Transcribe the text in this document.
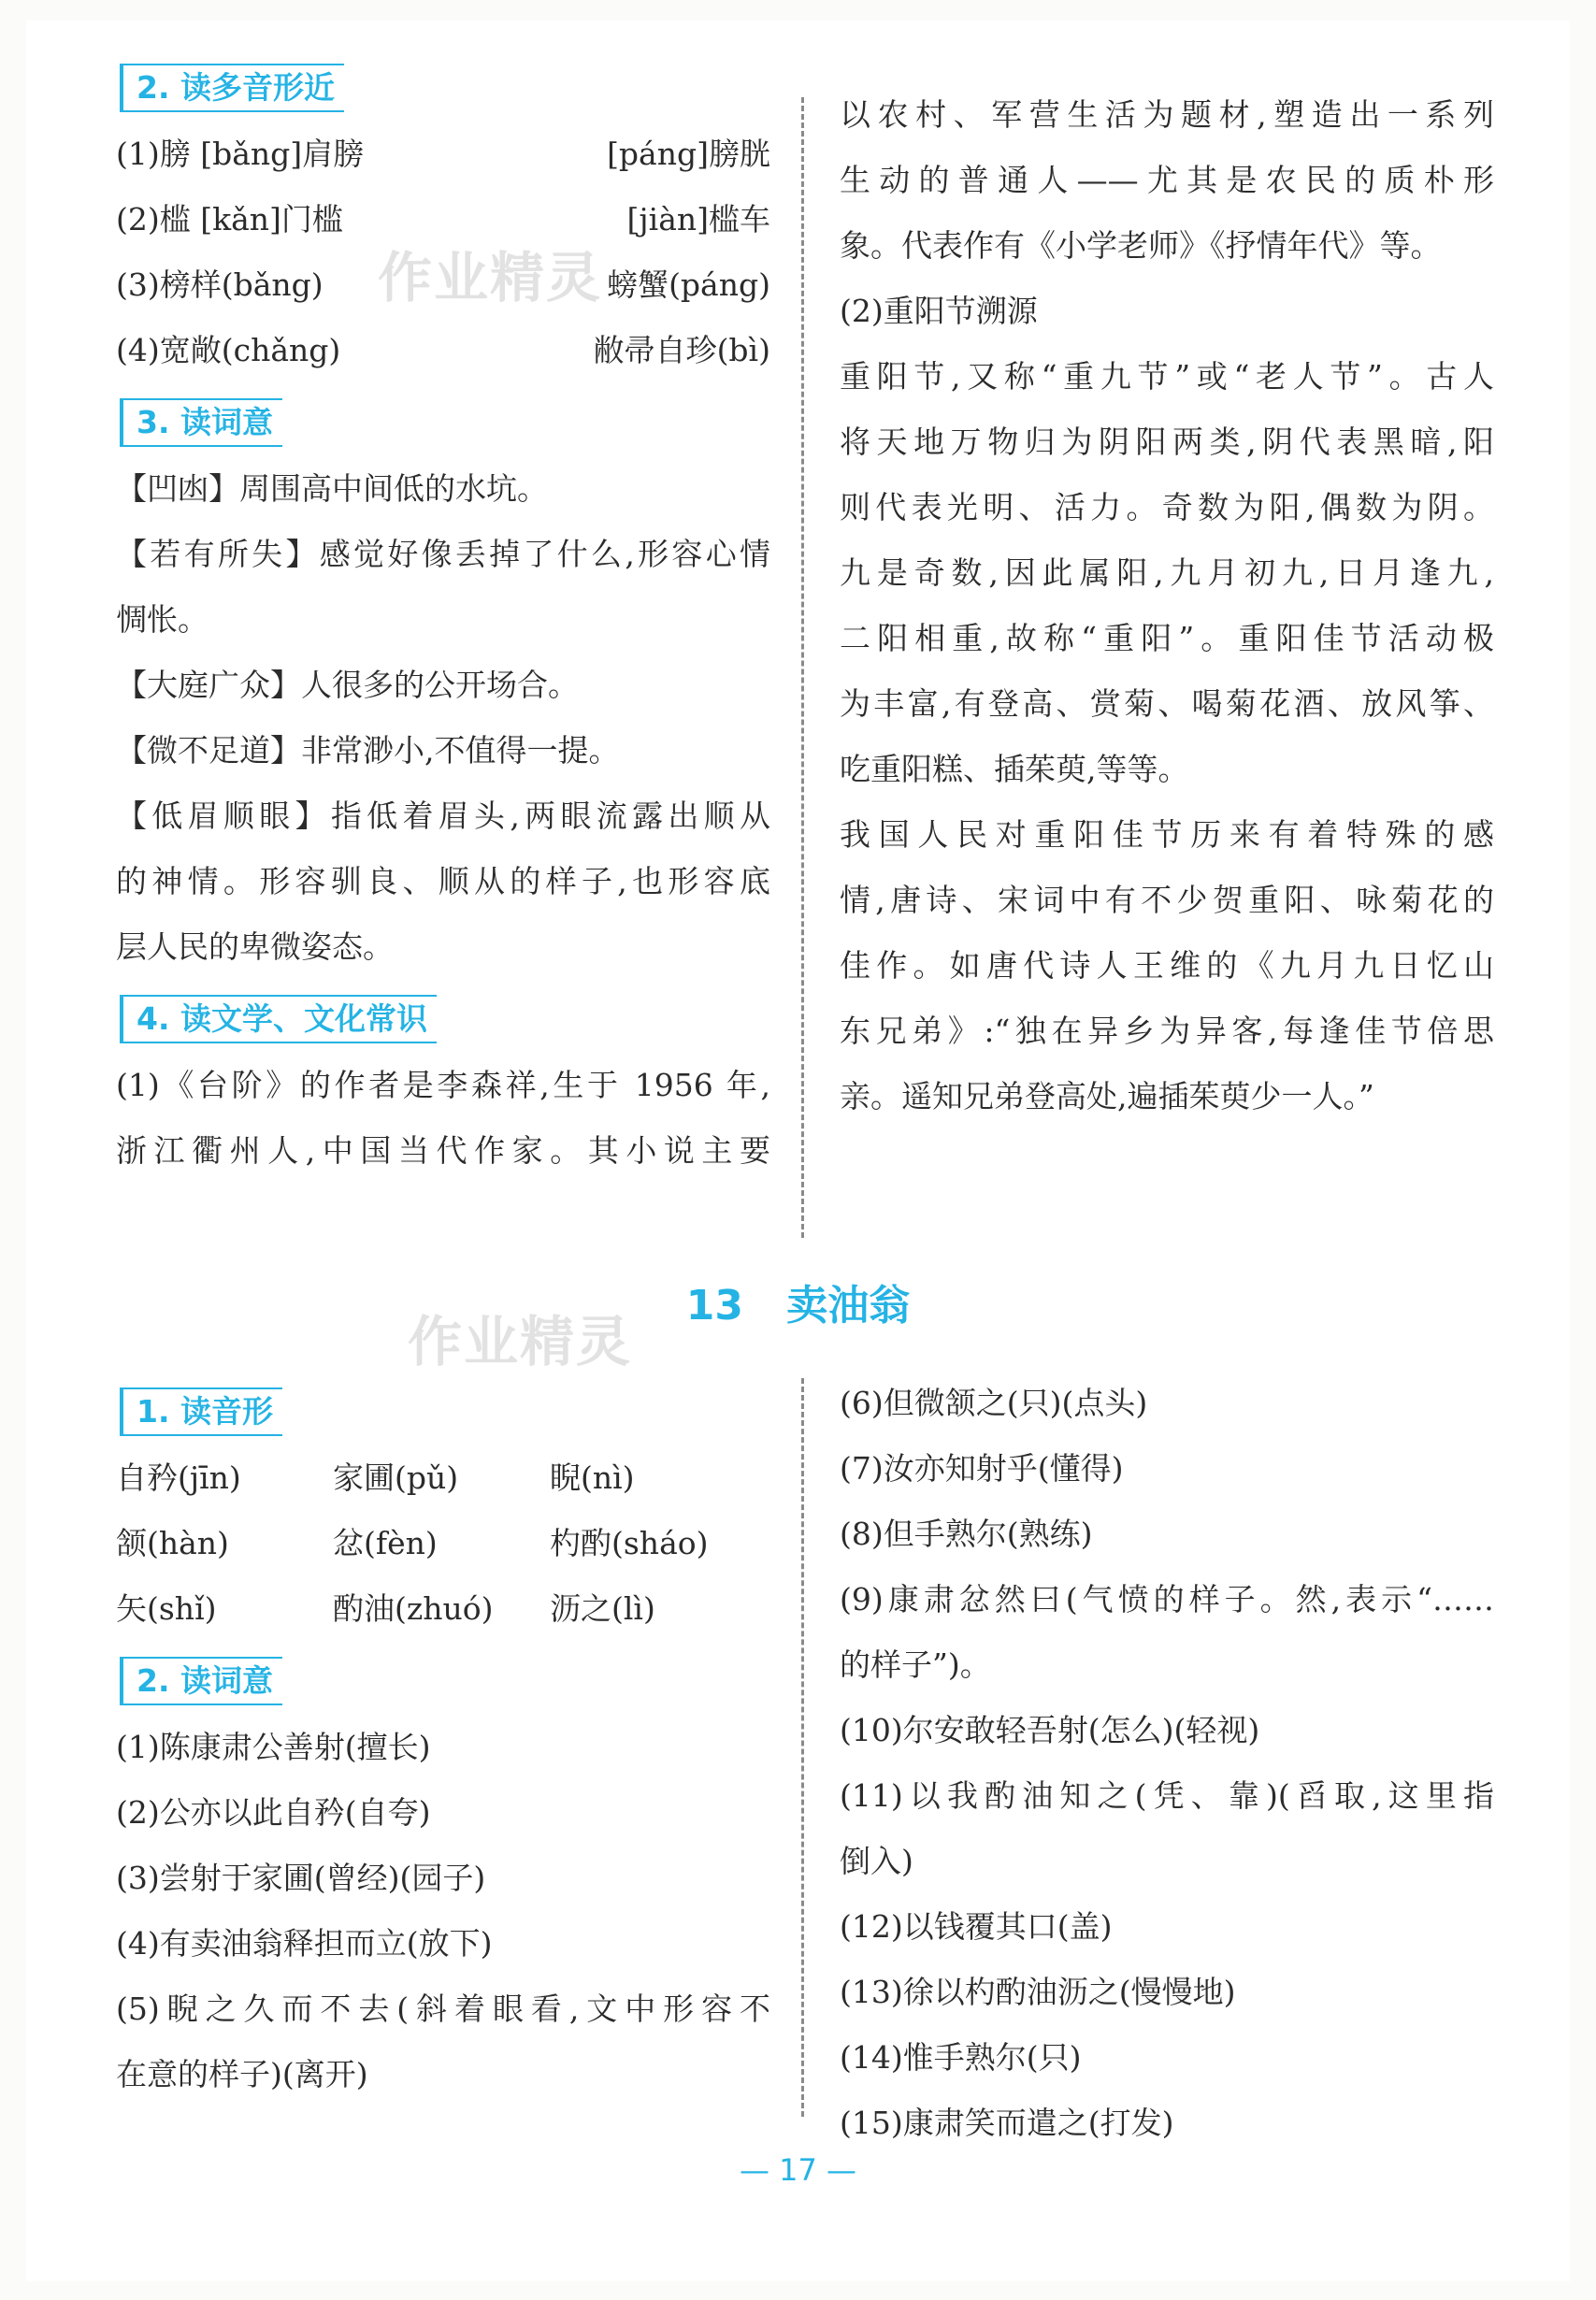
2. 读多音形近
(1)膀 [bǎng]肩膀	[páng]膀胱
(2)槛 [kǎn]门槛	[jiàn]槛车
(3)榜样(bǎng)	螃蟹(páng)
(4)宽敞(chǎng)	敝帚自珍(bì)
3. 读词意

【凹凼】周围高中间低的水坑。

【若有所失】感觉好像丢掉了什么,形容心情

惆怅。

【大庭广众】人很多的公开场合。

【微不足道】非常渺小,不值得一提。

【低眉顺眼】指低着眉头,两眼流露出顺从

的神情。形容驯良、顺从的样子,也形容底

层人民的卑微姿态。

4. 读文学、文化常识

(1)《台阶》的作者是李森祥,生于 1956 年,

浙江衢州人,中国当代作家。其小说主要

以农村、军营生活为题材,塑造出一系列

生动的普通人——尤其是农民的质朴形

象。代表作有《小学老师》《抒情年代》等。

(2)重阳节溯源

重阳节,又称“重九节”或“老人节”。古人

将天地万物归为阴阳两类,阴代表黑暗,阳

则代表光明、活力。奇数为阳,偶数为阴。

九是奇数,因此属阳,九月初九,日月逢九,

二阳相重,故称“重阳”。重阳佳节活动极

为丰富,有登高、赏菊、喝菊花酒、放风筝、

吃重阳糕、插茱萸,等等。

我国人民对重阳佳节历来有着特殊的感

情,唐诗、宋词中有不少贺重阳、咏菊花的

佳作。如唐代诗人王维的《九月九日忆山

东兄弟》:“独在异乡为异客,每逢佳节倍思

亲。遥知兄弟登高处,遍插茱萸少一人。”

13 卖油翁
作业精灵
作业精灵
1. 读音形
自矜(jīn)	家圃(pǔ)	睨(nì)
颔(hàn)	忿(fèn)	杓酌(sháo)
矢(shǐ)	酌油(zhuó)	沥之(lì)
2. 读词意

(1)陈康肃公善射(擅长)

(2)公亦以此自矜(自夸)

(3)尝射于家圃(曾经)(园子)

(4)有卖油翁释担而立(放下)

(5)睨之久而不去(斜着眼看,文中形容不

在意的样子)(离开)

(6)但微颔之(只)(点头)

(7)汝亦知射乎(懂得)

(8)但手熟尔(熟练)

(9)康肃忿然曰(气愤的样子。然,表示“……

的样子”)。

(10)尔安敢轻吾射(怎么)(轻视)

(11)以我酌油知之(凭、靠)(舀取,这里指

倒入)

(12)以钱覆其口(盖)

(13)徐以杓酌油沥之(慢慢地)

(14)惟手熟尔(只)

(15)康肃笑而遣之(打发)

— 17 —
